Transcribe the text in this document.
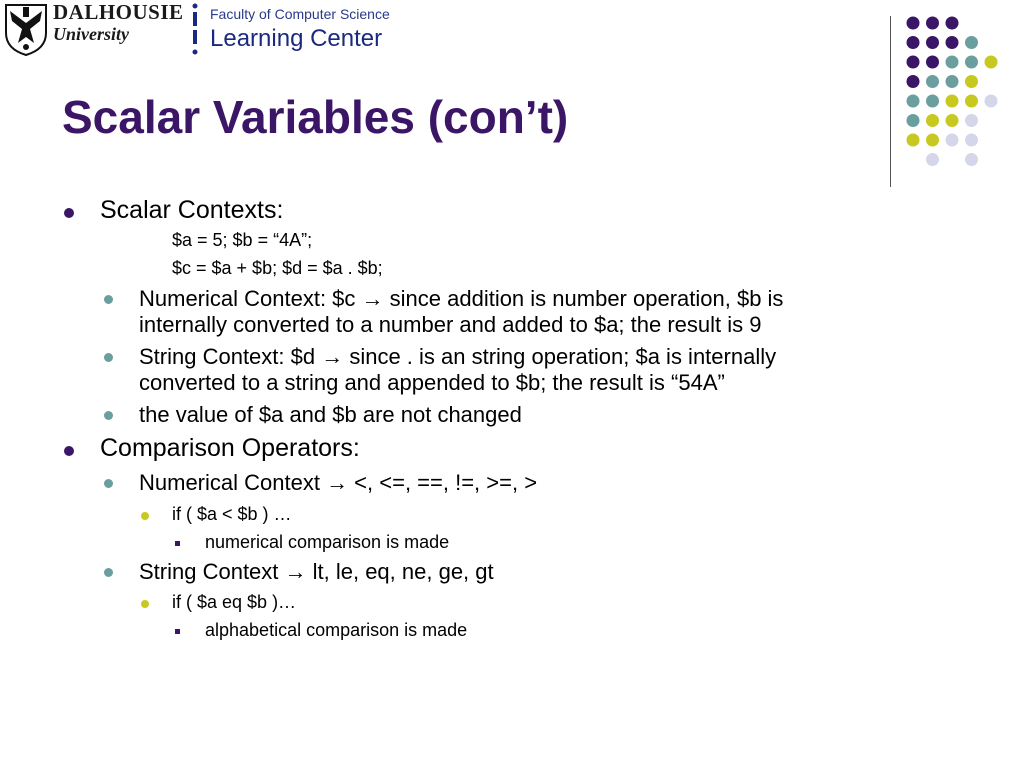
DALHOUSIE
University
Faculty of Computer Science
Learning Center
Scalar Variables (con’t)
Scalar Contexts:
$a = 5; $b = “4A”;
$c = $a + $b; $d = $a . $b;
Numerical Context: $c → since addition is number operation, $b is
internally converted to a number and added to $a; the result is 9
String Context: $d → since . is an string operation; $a is internally
converted to a string and appended to $b; the result is “54A”
the value of $a and $b are not changed
Comparison Operators:
Numerical Context → <, <=, ==, !=, >=, >
if ( $a < $b ) …
numerical comparison is made
String Context → lt, le, eq, ne, ge, gt
if ( $a eq $b )…
alphabetical comparison is made
